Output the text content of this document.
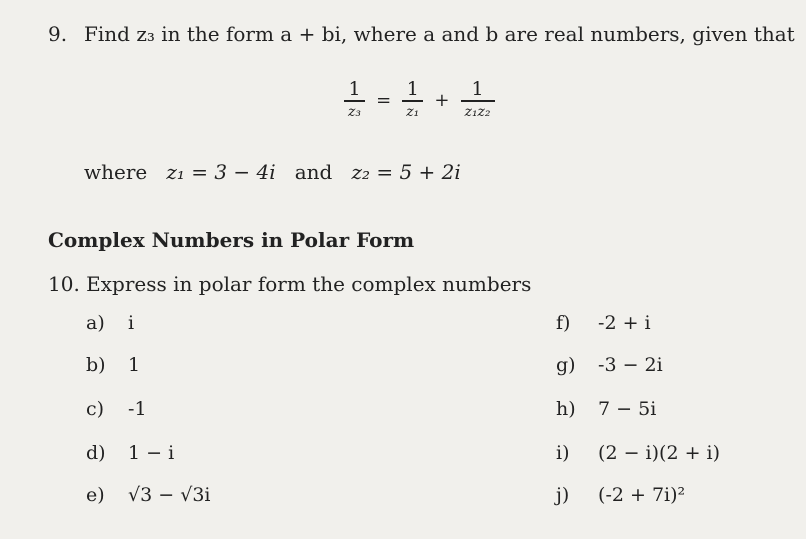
9. Find z₃ in the form a + bi, where a and b are real numbers, given that
$\frac{1}{\text{z₃}} = \frac{1}{\text{z₁}} + \frac{1}{\text{z₁z₂}}$
where z₁ = 3 − 4i and z₂ = 5 + 2i
Complex Numbers in Polar Form
10. Express in polar form the complex numbers
a) i
b) 1
c) -1
d) 1 − i
e) √3 − √3i
f) -2 + i
g) -3 − 2i
h) 7 − 5i
i) (2 − i)(2 + i)
j) (-2 + 7i)²
